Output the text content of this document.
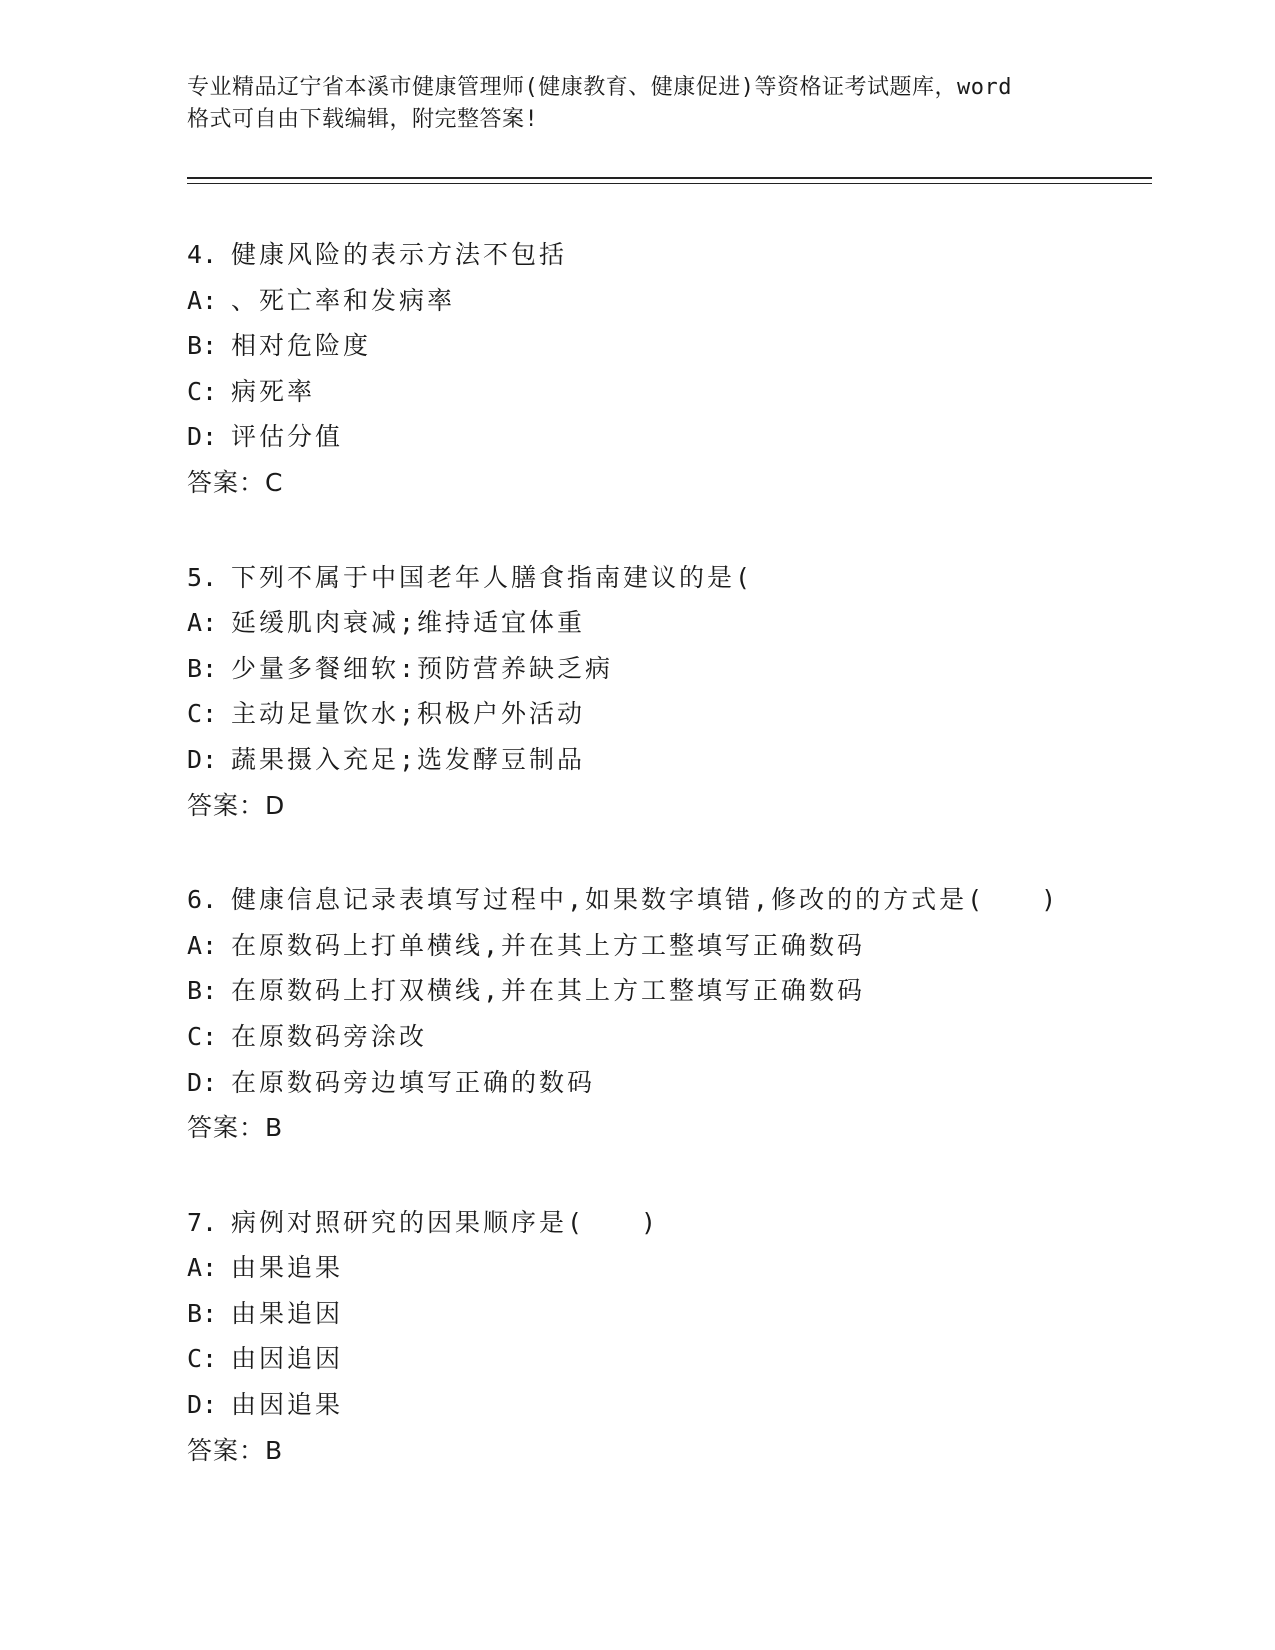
专业精品辽宁省本溪市健康管理师(健康教育、健康促进)等资格证考试题库，word
格式可自由下载编辑，附完整答案!
4. 健康风险的表示方法不包括
A: 、死亡率和发病率
B: 相对危险度
C: 病死率
D: 评估分值
答案：C
5. 下列不属于中国老年人膳食指南建议的是(
A: 延缓肌肉衰减;维持适宜体重
B: 少量多餐细软:预防营养缺乏病
C: 主动足量饮水;积极户外活动
D: 蔬果摄入充足;选发酵豆制品
答案：D
6. 健康信息记录表填写过程中,如果数字填错,修改的的方式是(　　)
A: 在原数码上打单横线,并在其上方工整填写正确数码
B: 在原数码上打双横线,并在其上方工整填写正确数码
C: 在原数码旁涂改
D: 在原数码旁边填写正确的数码
答案：B
7. 病例对照研究的因果顺序是(　　)
A: 由果追果
B: 由果追因
C: 由因追因
D: 由因追果
答案：B
